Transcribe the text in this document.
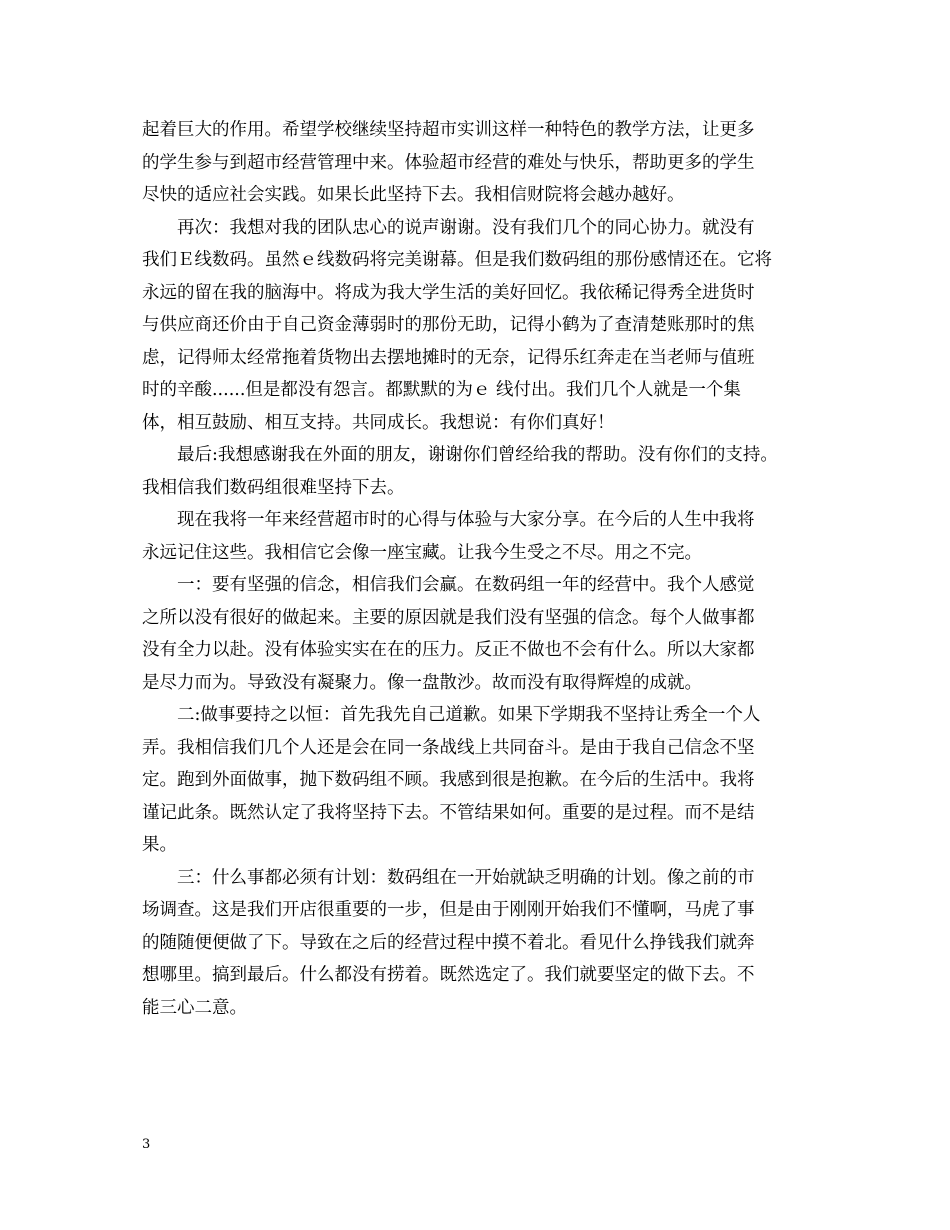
起着巨大的作用。希望学校继续坚持超市实训这样一种特色的教学方法，让更多
的学生参与到超市经营管理中来。体验超市经营的难处与快乐，帮助更多的学生
尽快的适应社会实践。如果长此坚持下去。我相信财院将会越办越好。
　　再次：我想对我的团队忠心的说声谢谢。没有我们几个的同心协力。就没有
我们Ｅ线数码。虽然ｅ线数码将完美谢幕。但是我们数码组的那份感情还在。它将
永远的留在我的脑海中。将成为我大学生活的美好回忆。我依稀记得秀全进货时
与供应商还价由于自己资金薄弱时的那份无助，记得小鹤为了查清楚账那时的焦
虑，记得师太经常拖着货物出去摆地摊时的无奈，记得乐红奔走在当老师与值班
时的辛酸......但是都没有怨言。都默默的为ｅ 线付出。我们几个人就是一个集
体，相互鼓励、相互支持。共同成长。我想说：有你们真好！
　　最后:我想感谢我在外面的朋友，谢谢你们曾经给我的帮助。没有你们的支持。
我相信我们数码组很难坚持下去。
　　现在我将一年来经营超市时的心得与体验与大家分享。在今后的人生中我将
永远记住这些。我相信它会像一座宝藏。让我今生受之不尽。用之不完。
　　一：要有坚强的信念，相信我们会赢。在数码组一年的经营中。我个人感觉
之所以没有很好的做起来。主要的原因就是我们没有坚强的信念。每个人做事都
没有全力以赴。没有体验实实在在的压力。反正不做也不会有什么。所以大家都
是尽力而为。导致没有凝聚力。像一盘散沙。故而没有取得辉煌的成就。
　　二:做事要持之以恒：首先我先自己道歉。如果下学期我不坚持让秀全一个人
弄。我相信我们几个人还是会在同一条战线上共同奋斗。是由于我自己信念不坚
定。跑到外面做事，抛下数码组不顾。我感到很是抱歉。在今后的生活中。我将
谨记此条。既然认定了我将坚持下去。不管结果如何。重要的是过程。而不是结
果。
　　三：什么事都必须有计划：数码组在一开始就缺乏明确的计划。像之前的市
场调查。这是我们开店很重要的一步，但是由于刚刚开始我们不懂啊，马虎了事
的随随便便做了下。导致在之后的经营过程中摸不着北。看见什么挣钱我们就奔
想哪里。搞到最后。什么都没有捞着。既然选定了。我们就要坚定的做下去。不
能三心二意。
3
